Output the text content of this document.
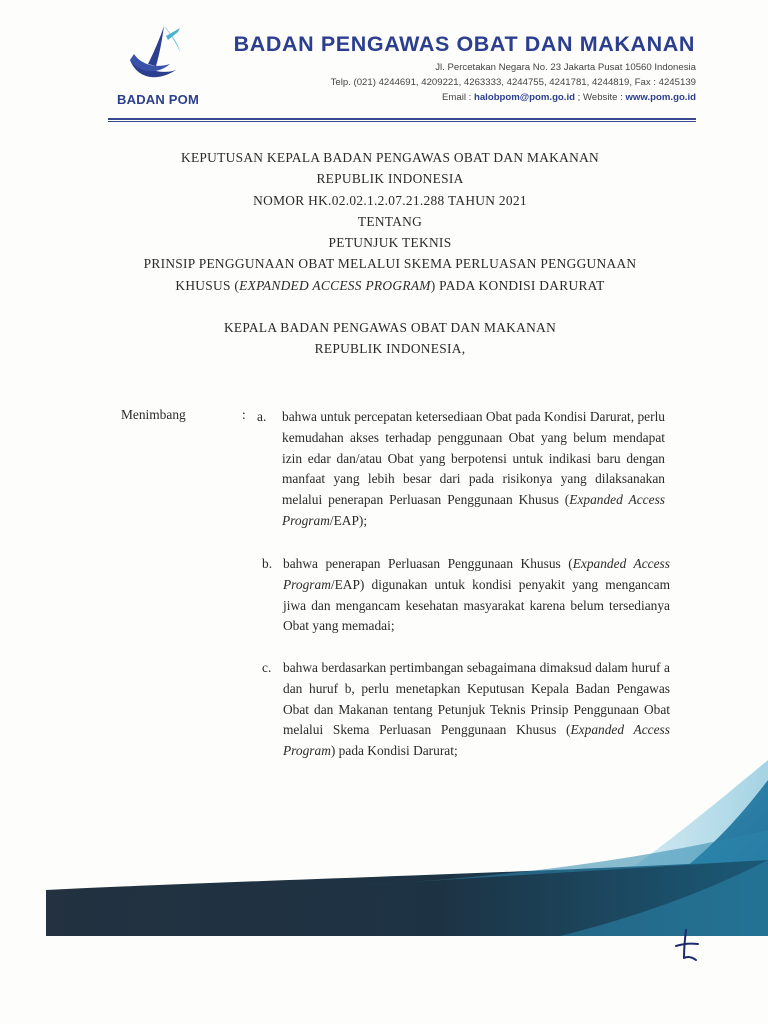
BADAN POM
BADAN PENGAWAS OBAT DAN MAKANAN
Jl. Percetakan Negara No. 23 Jakarta Pusat 10560 Indonesia
Telp. (021) 4244691, 4209221, 4263333, 4244755, 4241781, 4244819, Fax : 4245139
Email : halobpom@pom.go.id ; Website : www.pom.go.id
KEPUTUSAN KEPALA BADAN PENGAWAS OBAT DAN MAKANAN
REPUBLIK INDONESIA
NOMOR HK.02.02.1.2.07.21.288 TAHUN 2021
TENTANG
PETUNJUK TEKNIS
PRINSIP PENGGUNAAN OBAT MELALUI SKEMA PERLUASAN PENGGUNAAN
KHUSUS (EXPANDED ACCESS PROGRAM) PADA KONDISI DARURAT
KEPALA BADAN PENGAWAS OBAT DAN MAKANAN
REPUBLIK INDONESIA,
Menimbang	: a.	bahwa untuk percepatan ketersediaan Obat pada Kondisi Darurat, perlu kemudahan akses terhadap penggunaan Obat yang belum mendapat izin edar dan/atau Obat yang berpotensi untuk indikasi baru dengan manfaat yang lebih besar dari pada risikonya yang dilaksanakan melalui penerapan Perluasan Penggunaan Khusus (Expanded Access Program/EAP);
b. bahwa penerapan Perluasan Penggunaan Khusus (Expanded Access Program/EAP) digunakan untuk kondisi penyakit yang mengancam jiwa dan mengancam kesehatan masyarakat karena belum tersedianya Obat yang memadai;
c. bahwa berdasarkan pertimbangan sebagaimana dimaksud dalam huruf a dan huruf b, perlu menetapkan Keputusan Kepala Badan Pengawas Obat dan Makanan tentang Petunjuk Teknis Prinsip Penggunaan Obat melalui Skema Perluasan Penggunaan Khusus (Expanded Access Program) pada Kondisi Darurat;
